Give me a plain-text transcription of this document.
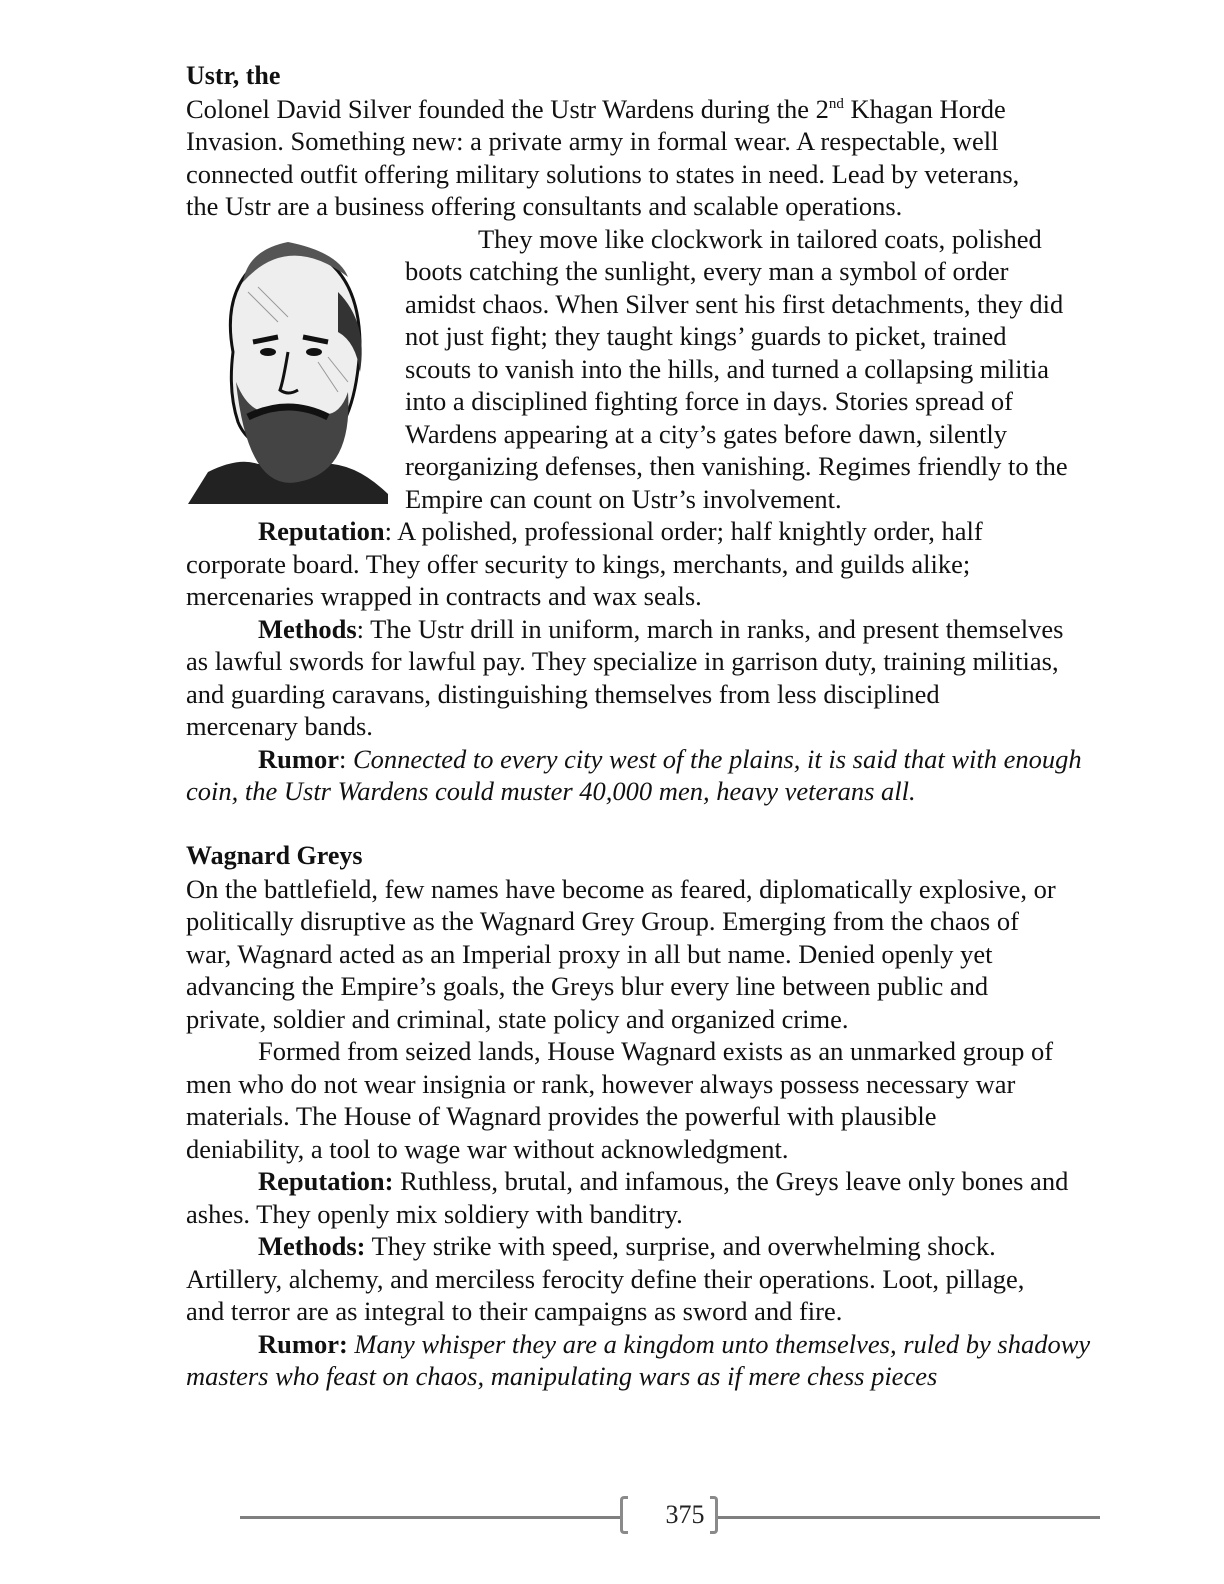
Ustr, the
Colonel David Silver founded the Ustr Wardens during the 2nd Khagan Horde
Invasion. Something new: a private army in formal wear. A respectable, well
connected outfit offering military solutions to states in need. Lead by veterans,
the Ustr are a business offering consultants and scalable operations.
They move like clockwork in tailored coats, polished
boots catching the sunlight, every man a symbol of order
amidst chaos. When Silver sent his first detachments, they did
not just fight; they taught kings’ guards to picket, trained
scouts to vanish into the hills, and turned a collapsing militia
into a disciplined fighting force in days. Stories spread of
Wardens appearing at a city’s gates before dawn, silently
reorganizing defenses, then vanishing. Regimes friendly to the
Empire can count on Ustr’s involvement.
Reputation: A polished, professional order; half knightly order, half
corporate board. They offer security to kings, merchants, and guilds alike;
mercenaries wrapped in contracts and wax seals.
Methods: The Ustr drill in uniform, march in ranks, and present themselves
as lawful swords for lawful pay. They specialize in garrison duty, training militias,
and guarding caravans, distinguishing themselves from less disciplined
mercenary bands.
Rumor: Connected to every city west of the plains, it is said that with enough
coin, the Ustr Wardens could muster 40,000 men, heavy veterans all.
Wagnard Greys
On the battlefield, few names have become as feared, diplomatically explosive, or
politically disruptive as the Wagnard Grey Group. Emerging from the chaos of
war, Wagnard acted as an Imperial proxy in all but name. Denied openly yet
advancing the Empire’s goals, the Greys blur every line between public and
private, soldier and criminal, state policy and organized crime.
Formed from seized lands, House Wagnard exists as an unmarked group of
men who do not wear insignia or rank, however always possess necessary war
materials. The House of Wagnard provides the powerful with plausible
deniability, a tool to wage war without acknowledgment.
Reputation: Ruthless, brutal, and infamous, the Greys leave only bones and
ashes. They openly mix soldiery with banditry.
Methods: They strike with speed, surprise, and overwhelming shock.
Artillery, alchemy, and merciless ferocity define their operations. Loot, pillage,
and terror are as integral to their campaigns as sword and fire.
Rumor: Many whisper they are a kingdom unto themselves, ruled by shadowy
masters who feast on chaos, manipulating wars as if mere chess pieces
375
